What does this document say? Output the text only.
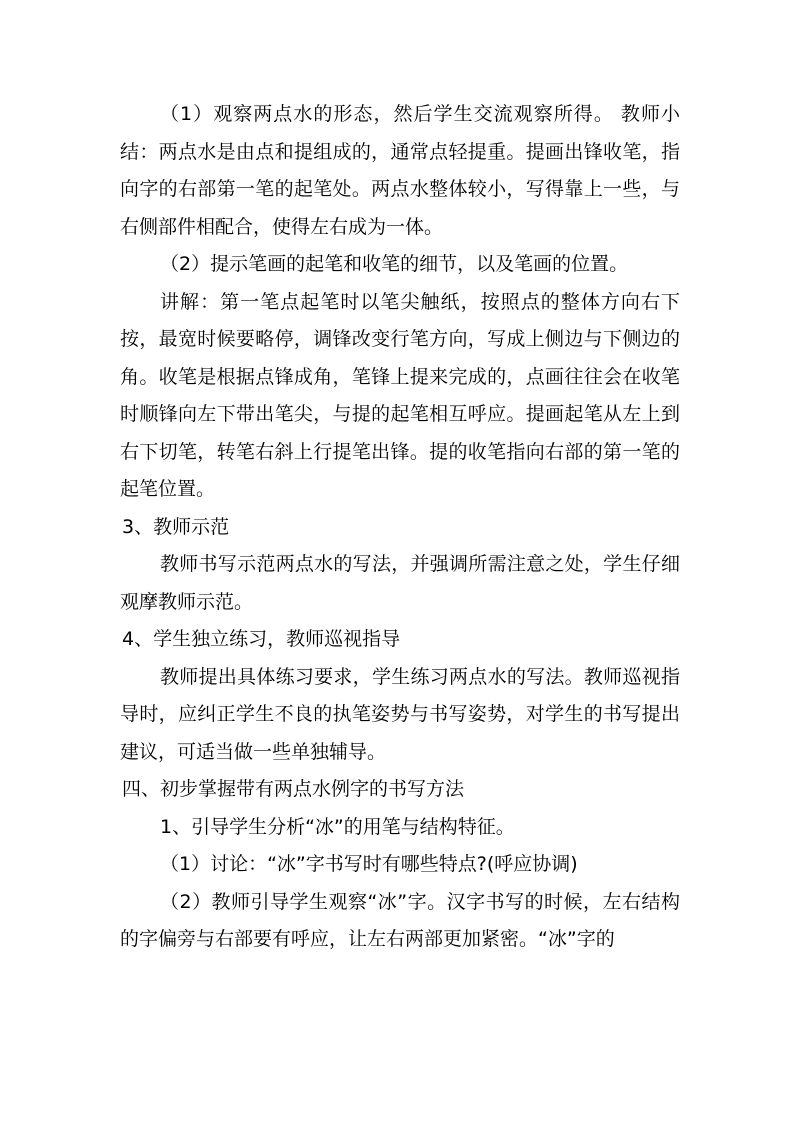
（1）观察两点水的形态，然后学生交流观察所得。 教师小结：两点水是由点和提组成的，通常点轻提重。提画出锋收笔，指向字的右部第一笔的起笔处。两点水整体较小，写得靠上一些，与右侧部件相配合，使得左右成为一体。

（2）提示笔画的起笔和收笔的细节，以及笔画的位置。

讲解：第一笔点起笔时以笔尖触纸，按照点的整体方向右下按，最宽时候要略停，调锋改变行笔方向，写成上侧边与下侧边的角。收笔是根据点锋成角，笔锋上提来完成的，点画往往会在收笔时顺锋向左下带出笔尖，与提的起笔相互呼应。提画起笔从左上到右下切笔，转笔右斜上行提笔出锋。提的收笔指向右部的第一笔的起笔位置。

3、教师示范

教师书写示范两点水的写法，并强调所需注意之处，学生仔细观摩教师示范。

4、学生独立练习，教师巡视指导

教师提出具体练习要求，学生练习两点水的写法。教师巡视指导时，应纠正学生不良的执笔姿势与书写姿势，对学生的书写提出建议，可适当做一些单独辅导。

四、初步掌握带有两点水例字的书写方法

1、引导学生分析“冰”的用笔与结构特征。

（1）讨论：“冰”字书写时有哪些特点?(呼应协调)

（2）教师引导学生观察“冰”字。汉字书写的时候，左右结构的字偏旁与右部要有呼应，让左右两部更加紧密。“冰”字的
